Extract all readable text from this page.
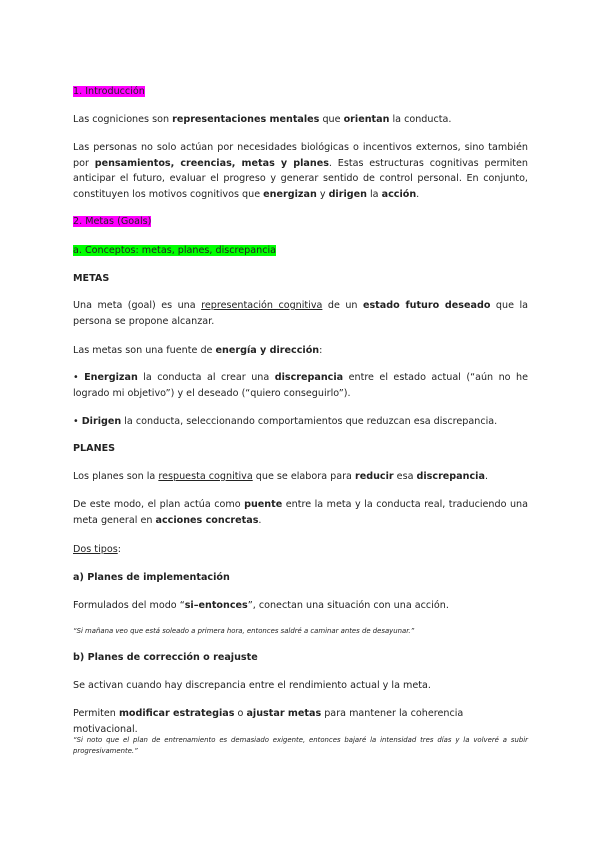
1. Introducción

Las cogniciones son representaciones mentales que orientan la conducta.

Las personas no solo actúan por necesidades biológicas o incentivos externos, sino también por pensamientos, creencias, metas y planes. Estas estructuras cognitivas permiten anticipar el futuro, evaluar el progreso y generar sentido de control personal. En conjunto, constituyen los motivos cognitivos que energizan y dirigen la acción.

2. Metas (Goals)

a. Conceptos: metas, planes, discrepancia

METAS

Una meta (goal) es una representación cognitiva de un estado futuro deseado que la persona se propone alcanzar.

Las metas son una fuente de energía y dirección:

• Energizan la conducta al crear una discrepancia entre el estado actual (“aún no he logrado mi objetivo”) y el deseado (“quiero conseguirlo”).

• Dirigen la conducta, seleccionando comportamientos que reduzcan esa discrepancia.

PLANES

Los planes son la respuesta cognitiva que se elabora para reducir esa discrepancia.

De este modo, el plan actúa como puente entre la meta y la conducta real, traduciendo una meta general en acciones concretas.

Dos tipos:

a) Planes de implementación

Formulados del modo “si–entonces”, conectan una situación con una acción.

“Si mañana veo que está soleado a primera hora, entonces saldré a caminar antes de desayunar.”

b) Planes de corrección o reajuste

Se activan cuando hay discrepancia entre el rendimiento actual y la meta.

Permiten modificar estrategias o ajustar metas para mantener la coherencia motivacional.

“Si noto que el plan de entrenamiento es demasiado exigente, entonces bajaré la intensidad tres días y la volveré a subir progresivamente.”
